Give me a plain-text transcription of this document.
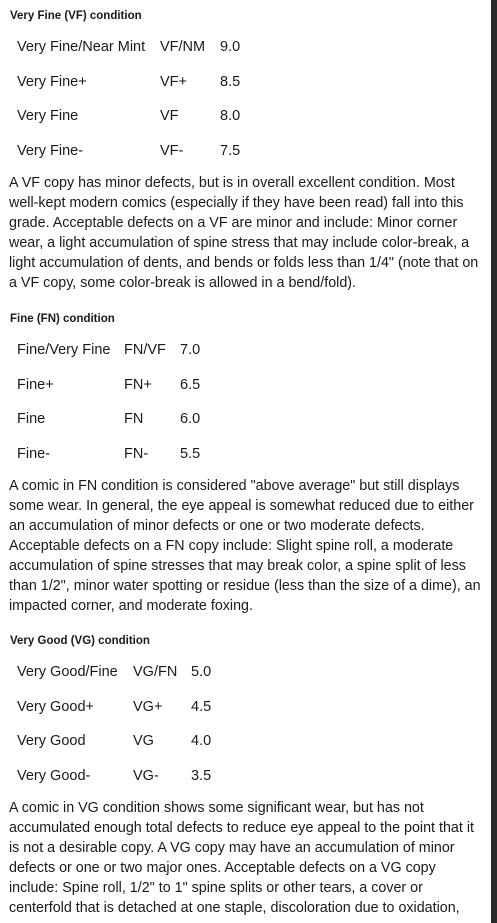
Very Fine (VF) condition
Very Fine/Near Mint	VF/NM	9.0
Very Fine+	VF+	8.5
Very Fine	VF	8.0
Very Fine-	VF-	7.5

A VF copy has minor defects, but is in overall excellent condition. Most well-kept modern comics (especially if they have been read) fall into this grade. Acceptable defects on a VF are minor and include: Minor corner wear, a light accumulation of spine stress that may include color-break, a light accumulation of dents, and bends or folds less than 1/4" (note that on a VF copy, some color-break is allowed in a bend/fold).

Fine (FN) condition
Fine/Very Fine	FN/VF	7.0
Fine+	FN+	6.5
Fine	FN	6.0
Fine-	FN-	5.5

A comic in FN condition is considered "above average" but still displays some wear. In general, the eye appeal is somewhat reduced due to either an accumulation of minor defects or one or two moderate defects. Acceptable defects on a FN copy include: Slight spine roll, a moderate accumulation of spine stresses that may break color, a spine split of less than 1/2", minor water spotting or residue (less than the size of a dime), an impacted corner, and moderate foxing.

Very Good (VG) condition
Very Good/Fine	VG/FN	5.0
Very Good+	VG+	4.5
Very Good	VG	4.0
Very Good-	VG-	3.5

A comic in VG condition shows some significant wear, but has not accumulated enough total defects to reduce eye appeal to the point that it is not a desirable copy. A VG copy may have an accumulation of minor defects or one or two major ones. Acceptable defects on a VG copy include: Spine roll, 1/2" to 1" spine splits or other tears, a cover or centerfold that is detached at one staple, discoloration due to oxidation,
